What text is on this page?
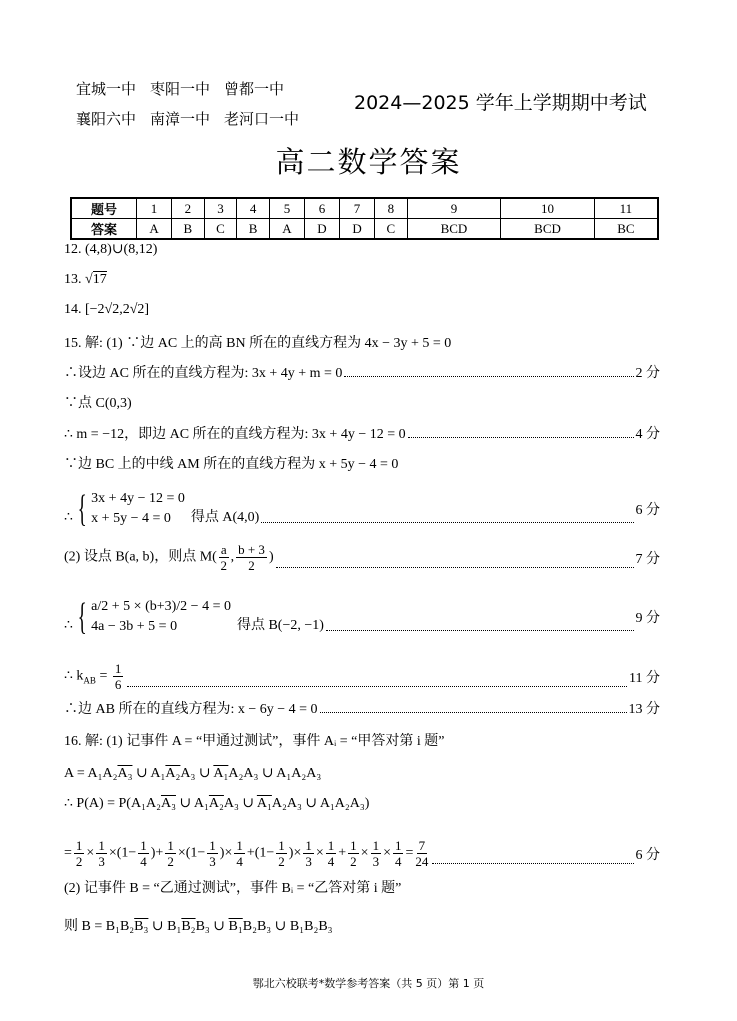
宜城一中 枣阳一中 曾都一中
襄阳六中 南漳一中 老河口一中
2024—2025 学年上学期期中考试
高二数学答案
题号	1	2	3	4	5	6	7	8	9	10	11
答案	A	B	C	B	A	D	D	C	BCD	BCD	BC
12. (4,8)∪(8,12)
13. √17
14. [−2√2,2√2]
15. 解: (1) ∵边 AC 上的高 BN 所在的直线方程为 4x − 3y + 5 = 0
∴设边 AC 所在的直线方程为: 3x + 4y + m = 0	2 分
∵点 C(0,3)
∴ m = −12，即边 AC 所在的直线方程为: 3x + 4y − 12 = 0	4 分
∵边 BC 上的中线 AM 所在的直线方程为 x + 5y − 4 = 0
∴ { 3x + 4y − 12 = 0
x + 5y − 4 = 0	得点 A(4,0)	6 分
(2) 设点 B(a, b)，则点 $M( \frac{a}{2}$ , $\frac{b + 3}{2}$ )	7 分
∴ { a/2 + 5 × (b+3)/2 − 4 = 0
4a − 3b + 5 = 0	得点 B(−2, −1)	9 分
∴ $k_{AB} = \frac{1}{6}$	11 分
∴边 AB 所在的直线方程为: x − 6y − 4 = 0	13 分
16. 解: (1) 记事件 A = “甲通过测试”，事件 Aᵢ = “甲答对第 i 题”
A = A₁A₂A₃ ∪ A₁A₂A₃ ∪ A₁A₂A₃ ∪ A₁A₂A₃
∴ P(A) = P(A₁A₂A₃ ∪ A₁A₂A₃ ∪ A₁A₂A₃ ∪ A₁A₂A₃)
= $\frac{1}{2} \times \frac{1}{3} \times(1- \frac{1}{4}$ )+ $\frac{1}{2} \times(1- \frac{1}{3}$ )× $\frac{1}{4} +(1- \frac{1}{2}$ )× $\frac{1}{3} \times \frac{1}{4} + \frac{1}{2} \times \frac{1}{3} \times \frac{1}{4} = \frac{7}{24}$	6 分
(2) 记事件 B = “乙通过测试”，事件 Bᵢ = “乙答对第 i 题”
则 B = B₁B₂B₃ ∪ B₁B₂B₃ ∪ B₁B₂B₃ ∪ B₁B₂B₃
鄂北六校联考*数学参考答案（共 5 页）第 1 页
